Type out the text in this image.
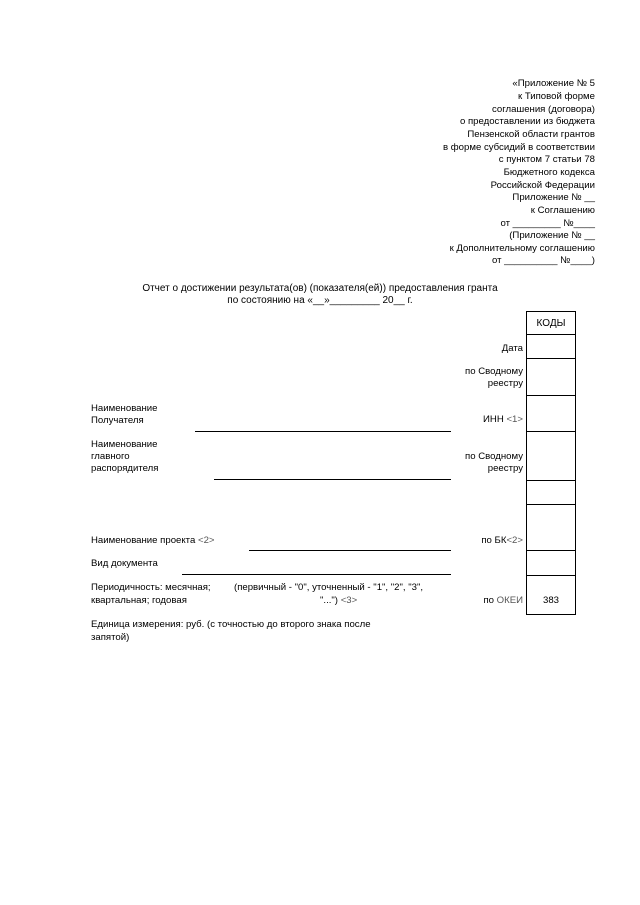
«Приложение № 5
к Типовой форме
соглашения (договора)
о предоставлении из бюджета
Пензенской области грантов
в форме субсидий в соответствии
с пунктом 7 статьи 78
Бюджетного кодекса
Российской Федерации
Приложение № __
к Соглашению
от _________ №____
(Приложение № __
к Дополнительному соглашению
от __________ №____)
Отчет о достижении результата(ов) (показателя(ей)) предоставления гранта
по состоянию на «__»_________ 20__ г.
КОДЫ
383
Дата
по Сводному
реестру
ИНН <1>
по Сводному
реестру
по БК<2>
по ОКЕИ
Наименование
Получателя
Наименование
главного
распорядителя
Наименование проекта <2>
Вид документа
Периодичность: месячная;
квартальная; годовая
(первичный - "0", уточненный - "1", "2", "3",
"...") <3>
Единица измерения: руб. (с точностью до второго знака после
запятой)
